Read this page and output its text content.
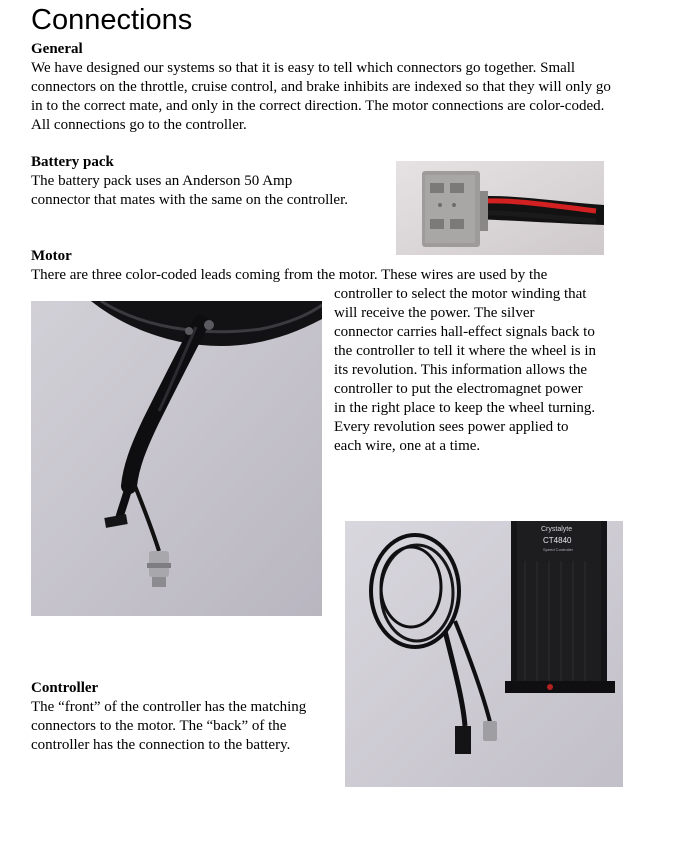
Connections
General

We have designed our systems so that it is easy to tell which connectors go together. Small connectors on the throttle, cruise control, and brake inhibits are indexed so that they will only go in to the correct mate, and only in the correct direction. The motor connections are color-coded. All connections go to the controller.

Battery pack

The battery pack uses an Anderson 50 Amp

connector that mates with the same on the controller.

Motor

There are three color-coded leads coming from the motor. These wires are used by the

controller to select the motor winding that

will receive the power. The silver

connector carries hall-effect signals back to

the controller to tell it where the wheel is in

its revolution. This information allows the

controller to put the electromagnet power

in the right place to keep the wheel turning.

Every revolution sees power applied to

each wire, one at a time.

Crystalyte
CT4840
Speed Controller
Controller

The “front” of the controller has the matching

connectors to the motor. The “back” of the

controller has the connection to the battery.
